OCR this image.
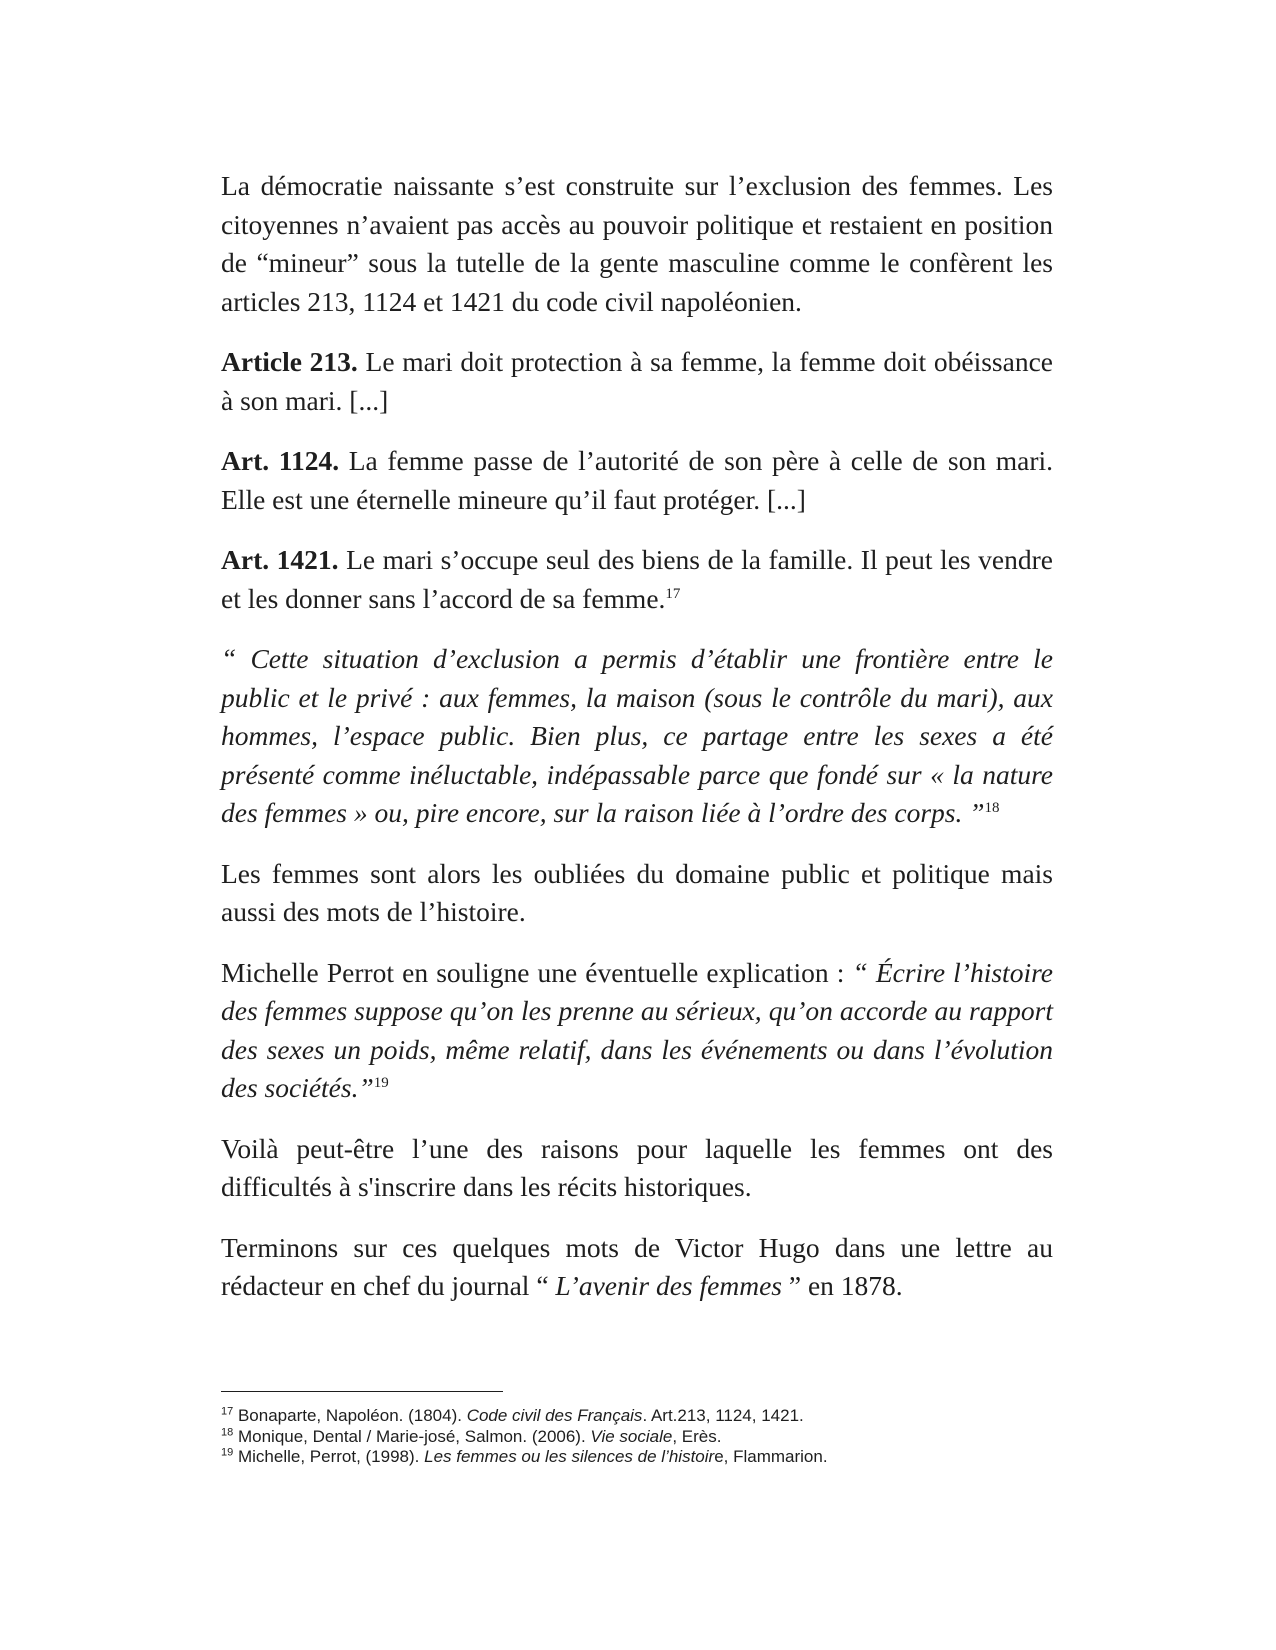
La démocratie naissante s’est construite sur l’exclusion des femmes. Les citoyennes n’avaient pas accès au pouvoir politique et restaient en position de “mineur” sous la tutelle de la gente masculine comme le confèrent les articles 213, 1124 et 1421 du code civil napoléonien.

Article 213. Le mari doit protection à sa femme, la femme doit obéissance à son mari. [...]

Art. 1124. La femme passe de l’autorité de son père à celle de son mari. Elle est une éternelle mineure qu’il faut protéger. [...]

Art. 1421. Le mari s’occupe seul des biens de la famille. Il peut les vendre et les donner sans l’accord de sa femme.$^{17}$

“ Cette situation d’exclusion a permis d’établir une frontière entre le public et le privé : aux femmes, la maison (sous le contrôle du mari), aux hommes, l’espace public. Bien plus, ce partage entre les sexes a été présenté comme inéluctable, indépassable parce que fondé sur « la nature des femmes » ou, pire encore, sur la raison liée à l’ordre des corps. ”$^{18}$

Les femmes sont alors les oubliées du domaine public et politique mais aussi des mots de l’histoire.

Michelle Perrot en souligne une éventuelle explication : “ Écrire l’histoire des femmes suppose qu’on les prenne au sérieux, qu’on accorde au rapport des sexes un poids, même relatif, dans les événements ou dans l’évolution des sociétés.”$^{19}$

Voilà peut-être l’une des raisons pour laquelle les femmes ont des difficultés à s'inscrire dans les récits historiques.

Terminons sur ces quelques mots de Victor Hugo dans une lettre au rédacteur en chef du journal “ L’avenir des femmes ” en 1878.

$^{17}$ Bonaparte, Napoléon. (1804). Code civil des Français. Art.213, 1124, 1421.
$^{18}$ Monique, Dental / Marie-josé, Salmon. (2006). Vie sociale, Erès.
$^{19}$ Michelle, Perrot, (1998). Les femmes ou les silences de l’histoire, Flammarion.
